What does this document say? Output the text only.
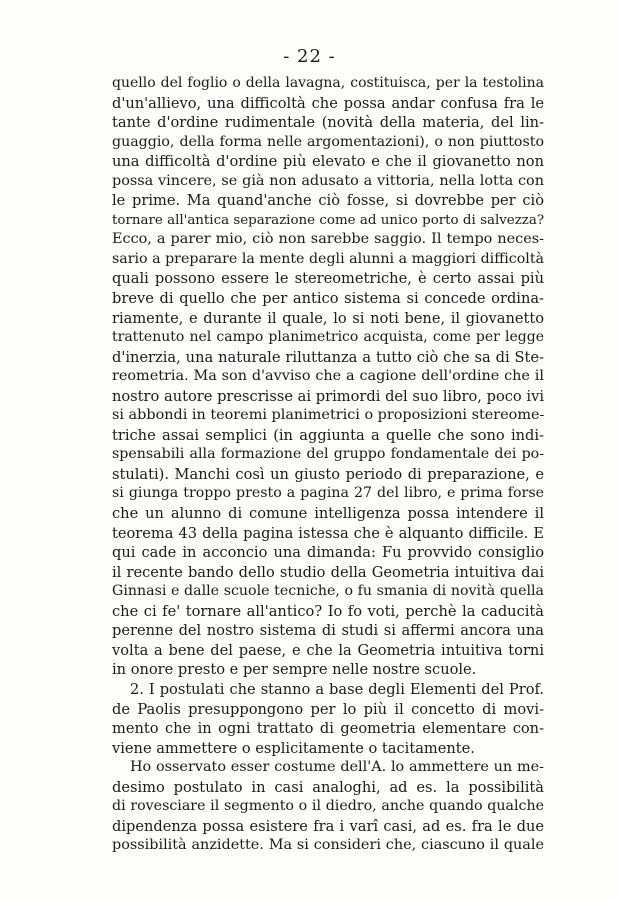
- 22 -
quello del foglio o della lavagna, costituisca, per la testolina
d'un'allievo, una difficoltà che possa andar confusa fra le
tante d'ordine rudimentale (novità della materia, del lin-
guaggio, della forma nelle argomentazioni), o non piuttosto
una difficoltà d'ordine più elevato e che il giovanetto non
possa vincere, se già non adusato a vittoria, nella lotta con
le prime. Ma quand'anche ciò fosse, si dovrebbe per ciò
tornare all'antica separazione come ad unico porto di salvezza?
Ecco, a parer mio, ciò non sarebbe saggio. Il tempo neces-
sario a preparare la mente degli alunni a maggiori difficoltà
quali possono essere le stereometriche, è certo assai più
breve di quello che per antico sistema si concede ordina-
riamente, e durante il quale, lo si noti bene, il giovanetto
trattenuto nel campo planimetrico acquista, come per legge
d'inerzia, una naturale riluttanza a tutto ciò che sa di Ste-
reometria. Ma son d'avviso che a cagione dell'ordine che il
nostro autore prescrisse ai primordi del suo libro, poco ivi
si abbondi in teoremi planimetrici o proposizioni stereome-
triche assai semplici (in aggiunta a quelle che sono indi-
spensabili alla formazione del gruppo fondamentale dei po-
stulati). Manchi così un giusto periodo di preparazione, e
si giunga troppo presto a pagina 27 del libro, e prima forse
che un alunno di comune intelligenza possa intendere il
teorema 43 della pagina istessa che è alquanto difficile. E
qui cade in acconcio una dimanda: Fu provvido consiglio
il recente bando dello studio della Geometria intuitiva dai
Ginnasi e dalle scuole tecniche, o fu smania di novità quella
che ci fe' tornare all'antico? Io fo voti, perchè la caducità
perenne del nostro sistema di studi si affermi ancora una
volta a bene del paese, e che la Geometria intuitiva torni
in onore presto e per sempre nelle nostre scuole.
2. I postulati che stanno a base degli Elementi del Prof.
de Paolis presuppongono per lo più il concetto di movi-
mento che in ogni trattato di geometria elementare con-
viene ammettere o esplicitamente o tacitamente.
Ho osservato esser costume dell'A. lo ammettere un me-
desimo postulato in casi analoghi, ad es. la possibilità
di rovesciare il segmento o il diedro, anche quando qualche
dipendenza possa esistere fra i varî casi, ad es. fra le due
possibilità anzidette. Ma si consideri che, ciascuno il quale
